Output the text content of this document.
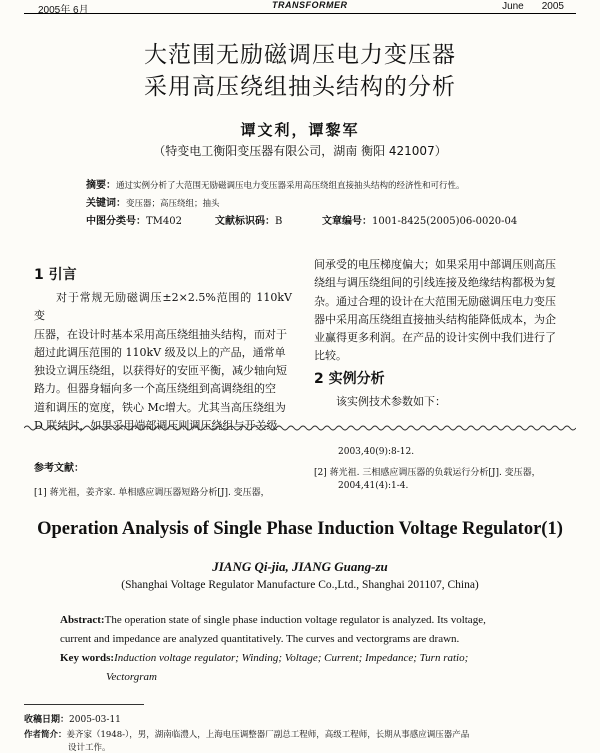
2005年 6月	TRANSFORMER	June 2005
大范围无励磁调压电力变压器
采用高压绕组抽头结构的分析
谭文利，谭黎军
（特变电工衡阳变压器有限公司，湖南 衡阳 421007）
摘要：通过实例分析了大范围无励磁调压电力变压器采用高压绕组直接抽头结构的经济性和可行性。
关键词：变压器；高压绕组；抽头
中图分类号：TM402	文献标识码：B	文章编号：1001-8425(2005)06-0020-04
1 引言
对于常规无励磁调压±2×2.5%范围的 110kV 变
压器，在设计时基本采用高压绕组抽头结构，而对于
超过此调压范围的 110kV 级及以上的产品，通常单
独设立调压绕组，以获得好的安匝平衡，减少轴向短
路力。但器身辐向多一个高压绕组到高调绕组的空
道和调压的宽度，铁心 Mc增大。尤其当高压绕组为
D 联结时，如果采用端部调压则调压绕组与开关级
间承受的电压梯度偏大；如果采用中部调压则高压
绕组与调压绕组间的引线连接及绝缘结构都极为复
杂。通过合理的设计在大范围无励磁调压电力变压
器中采用高压绕组直接抽头结构能降低成本，为企
业赢得更多利润。在产品的设计实例中我们进行了
比较。
2 实例分析
该实例技术参数如下：
参考文献：
[1] 蒋光祖，姜齐家. 单相感应调压器短路分析[J]. 变压器，
2003,40(9):8-12.
[2] 蒋光祖. 三相感应调压器的负载运行分析[J]. 变压器，
2004,41(4):1-4.
Operation Analysis of Single Phase Induction Voltage Regulator(1)
JIANG Qi-jia, JIANG Guang-zu
(Shanghai Voltage Regulator Manufacture Co.,Ltd., Shanghai 201107, China)
Abstract:The operation state of single phase induction voltage regulator is analyzed. Its voltage,
current and impedance are analyzed quantitatively. The curves and vectorgrams are drawn.
Key words:Induction voltage regulator; Winding; Voltage; Current; Impedance; Turn ratio;
Vectorgram
收稿日期：2005-03-11
作者简介：姜齐家（1948-），男，湖南临澧人，上海电压调整器厂副总工程师，高级工程师，长期从事感应调压器产品
设计工作。
